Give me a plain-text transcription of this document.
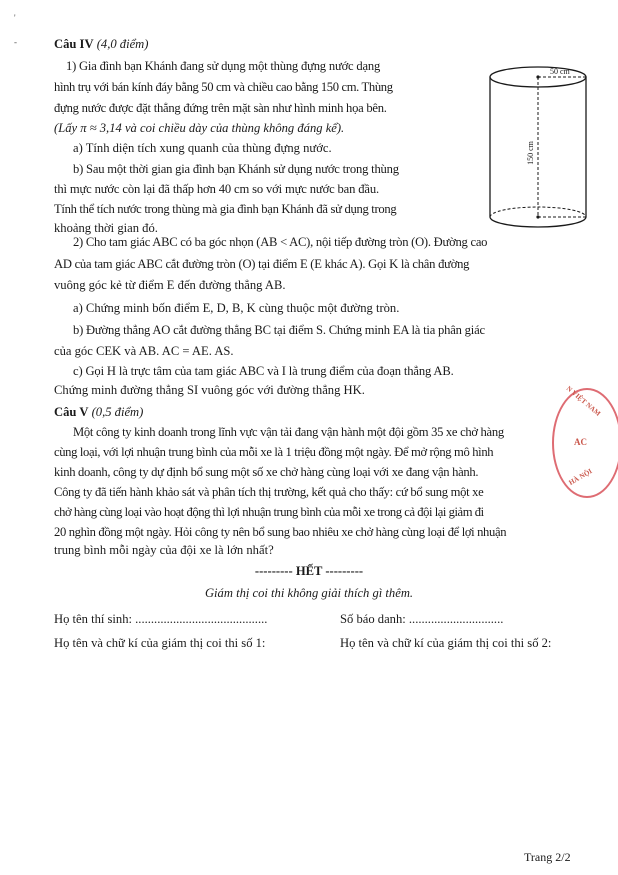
'
-	Câu IV (4,0 điểm)
1) Gia đình bạn Khánh đang sử dụng một thùng đựng nước dạng
hình trụ với bán kính đáy bằng 50 cm và chiều cao bằng 150 cm. Thùng
đựng nước được đặt thẳng đứng trên mặt sàn như hình minh họa bên.
(Lấy π ≈ 3,14 và coi chiều dày của thùng không đáng kể).
a) Tính diện tích xung quanh của thùng đựng nước.
b) Sau một thời gian gia đình bạn Khánh sử dụng nước trong thùng
thì mực nước còn lại đã thấp hơn 40 cm so với mực nước ban đầu.
Tính thể tích nước trong thùng mà gia đình bạn Khánh đã sử dụng trong
khoảng thời gian đó.
50 cm
150 cm
2) Cho tam giác ABC có ba góc nhọn (AB < AC), nội tiếp đường tròn (O). Đường cao
AD của tam giác ABC cắt đường tròn (O) tại điểm E (E khác A). Gọi K là chân đường
vuông góc kẻ từ điểm E đến đường thẳng AB.
a) Chứng minh bốn điểm E, D, B, K cùng thuộc một đường tròn.
b) Đường thẳng AO cắt đường thẳng BC tại điểm S. Chứng minh EA là tia phân giác
của góc CEK và AB. AC = AE. AS.
c) Gọi H là trực tâm của tam giác ABC và I là trung điểm của đoạn thẳng AB.
Chứng minh đường thẳng SI vuông góc với đường thẳng HK.
Câu V (0,5 điểm)
Một công ty kinh doanh trong lĩnh vực vận tải đang vận hành một đội gồm 35 xe chở hàng
cùng loại, với lợi nhuận trung bình của mỗi xe là 1 triệu đồng một ngày. Để mở rộng mô hình
kinh doanh, công ty dự định bổ sung một số xe chở hàng cùng loại với xe đang vận hành.
Công ty đã tiến hành khảo sát và phân tích thị trường, kết quả cho thấy: cứ bổ sung một xe
chở hàng cùng loại vào hoạt động thì lợi nhuận trung bình của mỗi xe trong cả đội lại giảm đi
20 nghìn đồng một ngày. Hỏi công ty nên bổ sung bao nhiêu xe chở hàng cùng loại để lợi nhuận
trung bình mỗi ngày của đội xe là lớn nhất?
N VIỆT NAM
AC
HÀ NỘI
--------- HẾT ---------
Giám thị coi thi không giải thích gì thêm.
Họ tên thí sinh: ..........................................	Số báo danh: ..............................
Họ tên và chữ kí của giám thị coi thi số 1:	Họ tên và chữ kí của giám thị coi thi số 2:
Trang 2/2
